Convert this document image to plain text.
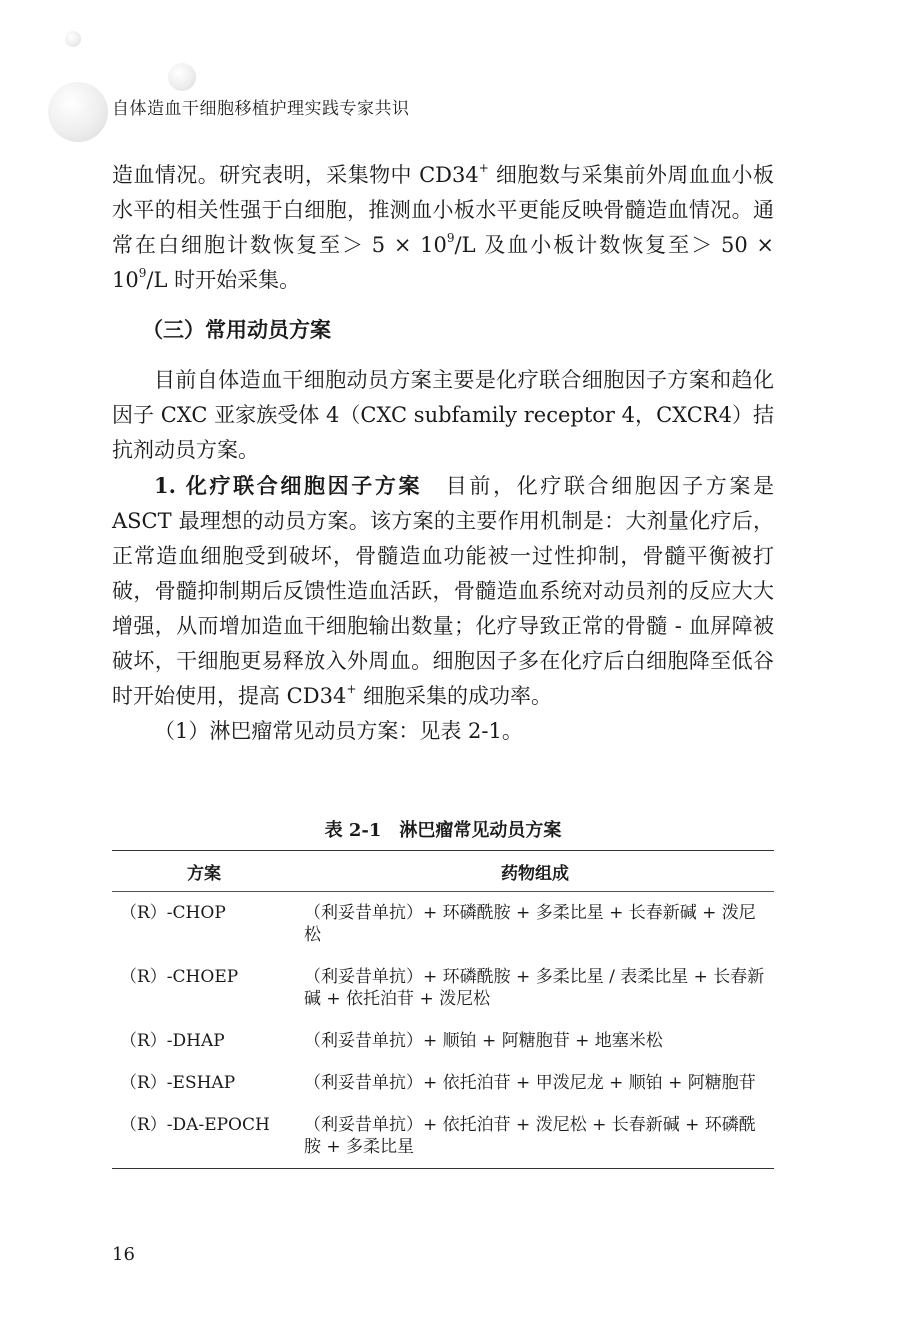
自体造血干细胞移植护理实践专家共识

造血情况。研究表明，采集物中 CD34+ 细胞数与采集前外周血血小板水平的相关性强于白细胞，推测血小板水平更能反映骨髓造血情况。通常在白细胞计数恢复至＞ $5 \times 10^9/L$ 及血小板计数恢复至＞ $50 \times 10^9/L$ 时开始采集。

（三）常用动员方案

目前自体造血干细胞动员方案主要是化疗联合细胞因子方案和趋化因子 CXC 亚家族受体 4（CXC subfamily receptor 4，CXCR4）拮抗剂动员方案。

1. 化疗联合细胞因子方案　目前，化疗联合细胞因子方案是 ASCT 最理想的动员方案。该方案的主要作用机制是：大剂量化疗后，正常造血细胞受到破坏，骨髓造血功能被一过性抑制，骨髓平衡被打破，骨髓抑制期后反馈性造血活跃，骨髓造血系统对动员剂的反应大大增强，从而增加造血干细胞输出数量；化疗导致正常的骨髓 - 血屏障被破坏，干细胞更易释放入外周血。细胞因子多在化疗后白细胞降至低谷时开始使用，提高 CD34+ 细胞采集的成功率。

（1）淋巴瘤常见动员方案：见表 2-1。

表 2-1　淋巴瘤常见动员方案
方案	药物组成
（R）-CHOP	（利妥昔单抗）+ 环磷酰胺 + 多柔比星 + 长春新碱 + 泼尼松
（R）-CHOEP	（利妥昔单抗）+ 环磷酰胺 + 多柔比星 / 表柔比星 + 长春新碱 + 依托泊苷 + 泼尼松
（R）-DHAP	（利妥昔单抗）+ 顺铂 + 阿糖胞苷 + 地塞米松
（R）-ESHAP	（利妥昔单抗）+ 依托泊苷 + 甲泼尼龙 + 顺铂 + 阿糖胞苷
（R）-DA-EPOCH	（利妥昔单抗）+ 依托泊苷 + 泼尼松 + 长春新碱 + 环磷酰胺 + 多柔比星
16
